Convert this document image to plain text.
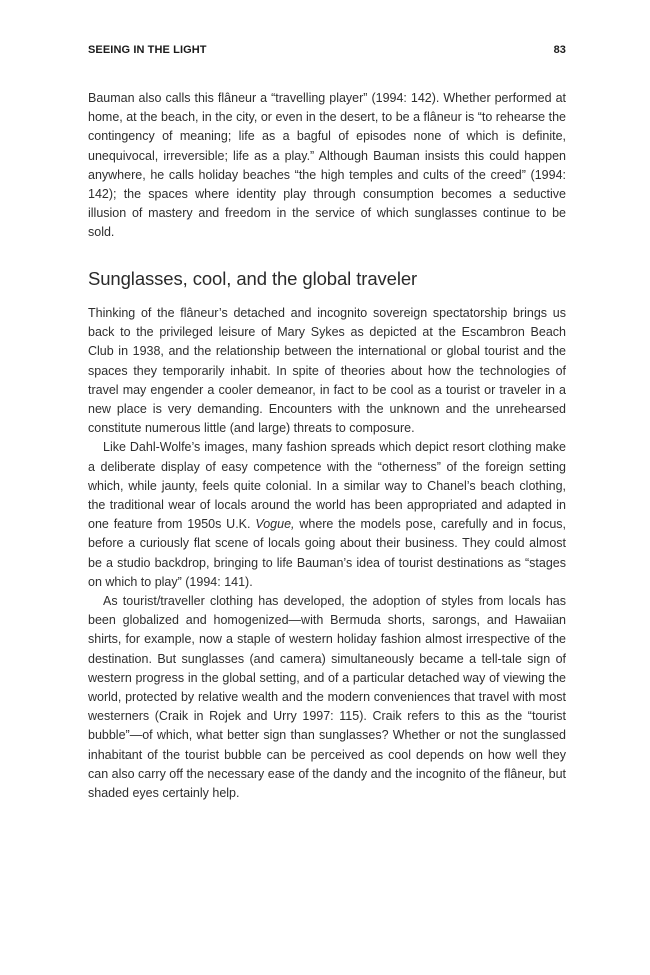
SEEING IN THE LIGHT	83

Bauman also calls this flâneur a “travelling player” (1994: 142). Whether performed at home, at the beach, in the city, or even in the desert, to be a flâneur is “to rehearse the contingency of meaning; life as a bagful of episodes none of which is definite, unequivocal, irreversible; life as a play.” Although Bauman insists this could happen anywhere, he calls holiday beaches “the high temples and cults of the creed” (1994: 142); the spaces where identity play through consumption becomes a seductive illusion of mastery and freedom in the service of which sunglasses continue to be sold.

Sunglasses, cool, and the global traveler

Thinking of the flâneur’s detached and incognito sovereign spectatorship brings us back to the privileged leisure of Mary Sykes as depicted at the Escambron Beach Club in 1938, and the relationship between the international or global tourist and the spaces they temporarily inhabit. In spite of theories about how the technologies of travel may engender a cooler demeanor, in fact to be cool as a tourist or traveler in a new place is very demanding. Encounters with the unknown and the unrehearsed constitute numerous little (and large) threats to composure.

Like Dahl-Wolfe’s images, many fashion spreads which depict resort clothing make a deliberate display of easy competence with the “otherness” of the foreign setting which, while jaunty, feels quite colonial. In a similar way to Chanel’s beach clothing, the traditional wear of locals around the world has been appropriated and adapted in one feature from 1950s U.K. Vogue, where the models pose, carefully and in focus, before a curiously flat scene of locals going about their business. They could almost be a studio backdrop, bringing to life Bauman’s idea of tourist destinations as “stages on which to play” (1994: 141).

As tourist/traveller clothing has developed, the adoption of styles from locals has been globalized and homogenized—with Bermuda shorts, sarongs, and Hawaiian shirts, for example, now a staple of western holiday fashion almost irrespective of the destination. But sunglasses (and camera) simultaneously became a tell-tale sign of western progress in the global setting, and of a particular detached way of viewing the world, protected by relative wealth and the modern conveniences that travel with most westerners (Craik in Rojek and Urry 1997: 115). Craik refers to this as the “tourist bubble”—of which, what better sign than sunglasses? Whether or not the sunglassed inhabitant of the tourist bubble can be perceived as cool depends on how well they can also carry off the necessary ease of the dandy and the incognito of the flâneur, but shaded eyes certainly help.
